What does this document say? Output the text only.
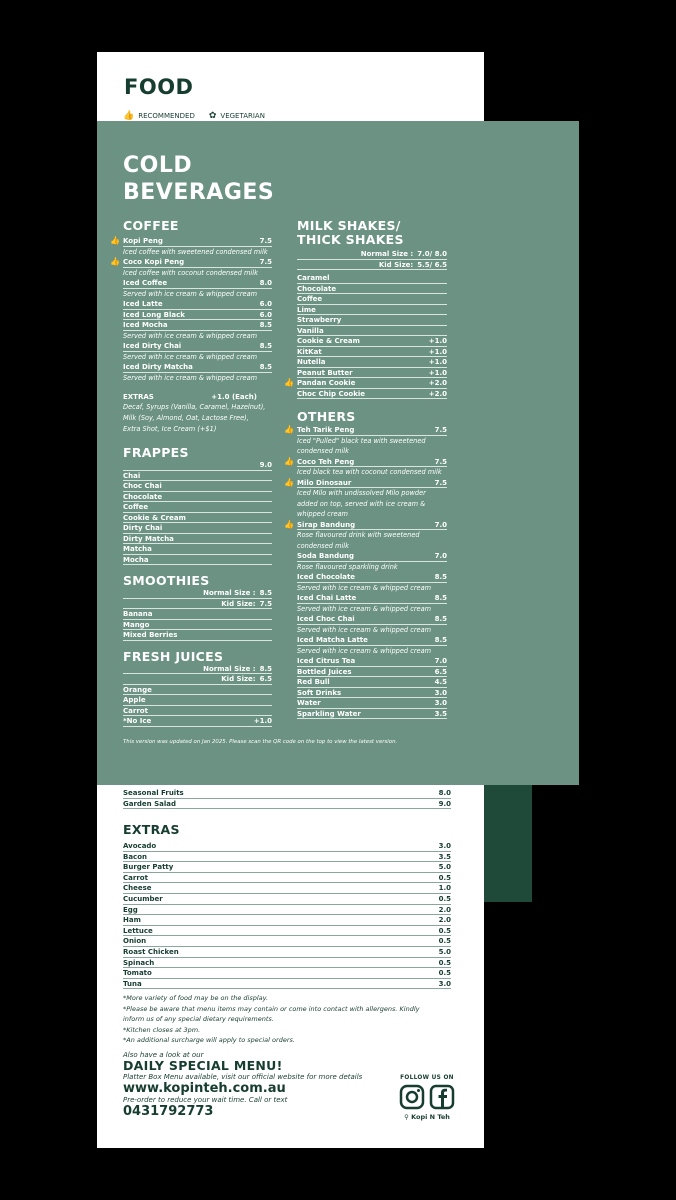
FOOD
👍 RECOMMENDED ✿ VEGETARIAN
COLD
BEVERAGES
COFFEE
👍 Kopi Peng	7.5
Iced coffee with sweetened condensed milk
👍 Coco Kopi Peng	7.5
Iced coffee with coconut condensed milk
Iced Coffee	8.0
Served with ice cream & whipped cream
Iced Latte	6.0
Iced Long Black	6.0
Iced Mocha	8.5
Served with ice cream & whipped cream
Iced Dirty Chai	8.5
Served with ice cream & whipped cream
Iced Dirty Matcha	8.5
Served with ice cream & whipped cream
EXTRAS	+1.0 (Each)
Decaf, Syrups (Vanilla, Caramel, Hazelnut),
Milk (Soy, Almond, Oat, Lactose Free),
Extra Shot, Ice Cream (+$1)
FRAPPES
9.0
Chai
Choc Chai
Chocolate
Coffee
Cookie & Cream
Dirty Chai
Dirty Matcha
Matcha
Mocha
SMOOTHIES
Normal Size : 8.5
Kid Size: 7.5
Banana
Mango
Mixed Berries
FRESH JUICES
Normal Size : 8.5
Kid Size: 6.5
Orange
Apple
Carrot
*No Ice	+1.0
MILK SHAKES/
THICK SHAKES
Normal Size : 7.0/ 8.0
Kid Size: 5.5/ 6.5
Caramel
Chocolate
Coffee
Lime
Strawberry
Vanilla
Cookie & Cream	+1.0
KitKat	+1.0
Nutella	+1.0
Peanut Butter	+1.0
👍 Pandan Cookie	+2.0
Choc Chip Cookie	+2.0
OTHERS
👍 Teh Tarik Peng	7.5
Iced "Pulled" black tea with sweetened condensed milk
👍 Coco Teh Peng	7.5
Iced black tea with coconut condensed milk
👍 Milo Dinosaur	7.5
Iced Milo with undissolved Milo powder added on top, served with ice cream & whipped cream
👍 Sirap Bandung	7.0
Rose flavoured drink with sweetened condensed milk
Soda Bandung	7.0
Rose flavoured sparkling drink
Iced Chocolate	8.5
Served with ice cream & whipped cream
Iced Chai Latte	8.5
Served with ice cream & whipped cream
Iced Choc Chai	8.5
Served with ice cream & whipped cream
Iced Matcha Latte	8.5
Served with ice cream & whipped cream
Iced Citrus Tea	7.0
Bottled Juices	6.5
Red Bull	4.5
Soft Drinks	3.0
Water	3.0
Sparkling Water	3.5
This version was updated on Jan 2025. Please scan the QR code on the top to view the latest version.
Seasonal Fruits	8.0
Garden Salad	9.0
EXTRAS
Avocado	3.0
Bacon	3.5
Burger Patty	5.0
Carrot	0.5
Cheese	1.0
Cucumber	0.5
Egg	2.0
Ham	2.0
Lettuce	0.5
Onion	0.5
Roast Chicken	5.0
Spinach	0.5
Tomato	0.5
Tuna	3.0
*More variety of food may be on the display.
*Please be aware that menu items may contain or come into contact with allergens. Kindly
inform us of any special dietary requirements.
*Kitchen closes at 3pm.
*An additional surcharge will apply to special orders.
Also have a look at our
DAILY SPECIAL MENU!
Platter Box Menu available, visit our official website for more details
www.kopinteh.com.au
Pre-order to reduce your wait time. Call or text
0431792773
FOLLOW US ON
⚲ Kopi N Teh
